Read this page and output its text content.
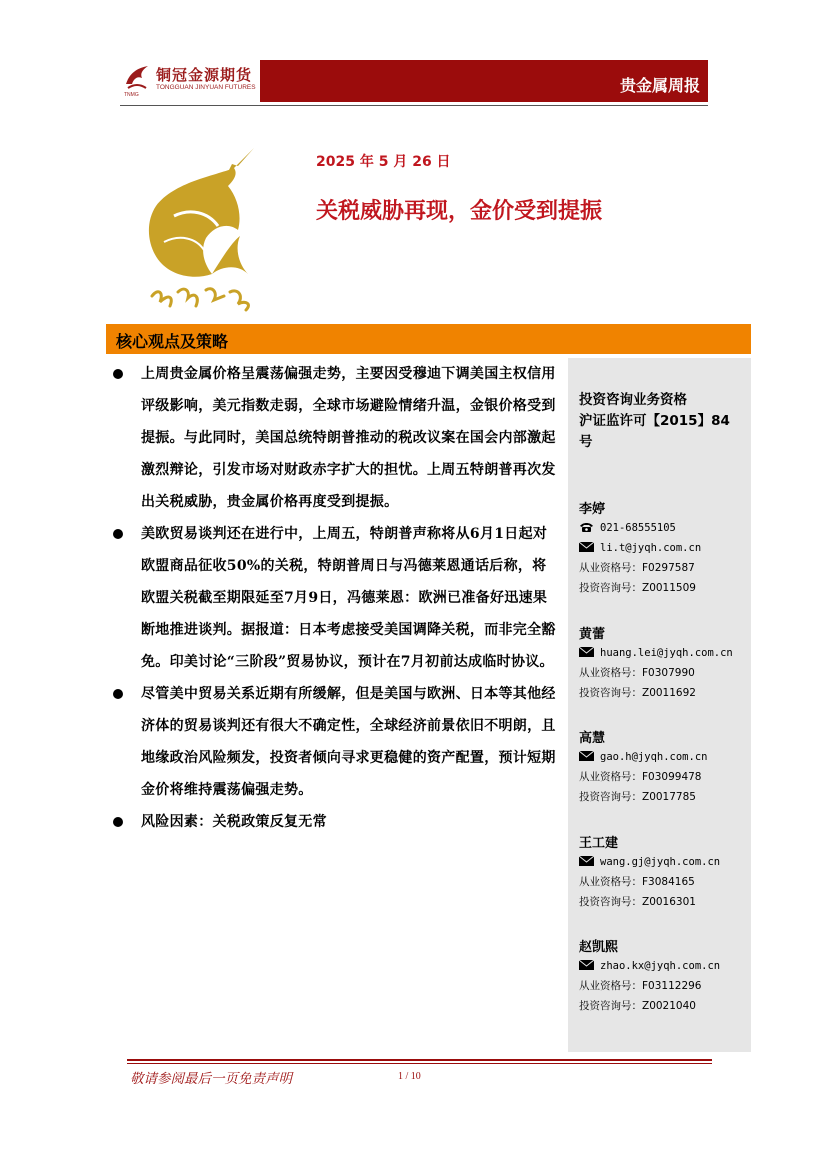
铜冠金源期货
TONGGUAN JINYUAN FUTURES
TNMG	贵金属周报
2025 年 5 月 26 日
关税威胁再现，金价受到提振
核心观点及策略
上周贵金属价格呈震荡偏强走势，主要因受穆迪下调美国主权信用评级影响，美元指数走弱，全球市场避险情绪升温，金银价格受到提振。与此同时，美国总统特朗普推动的税改议案在国会内部激起激烈辩论，引发市场对财政赤字扩大的担忧。上周五特朗普再次发出关税威胁，贵金属价格再度受到提振。
美欧贸易谈判还在进行中，上周五，特朗普声称将从6月1日起对欧盟商品征收50%的关税，特朗普周日与冯德莱恩通话后称，将欧盟关税截至期限延至7月9日，冯德莱恩：欧洲已准备好迅速果断地推进谈判。据报道：日本考虑接受美国调降关税，而非完全豁免。印美讨论“三阶段”贸易协议，预计在7月初前达成临时协议。
尽管美中贸易关系近期有所缓解，但是美国与欧洲、日本等其他经济体的贸易谈判还有很大不确定性，全球经济前景依旧不明朗，且地缘政治风险频发，投资者倾向寻求更稳健的资产配置，预计短期金价将维持震荡偏强走势。
风险因素：关税政策反复无常
投资咨询业务资格
沪证监许可【2015】84
号
李婷
021-68555105
li.t@jyqh.com.cn
从业资格号：F0297587
投资咨询号：Z0011509
黄蕾
huang.lei@jyqh.com.cn
从业资格号：F0307990
投资咨询号：Z0011692
高慧
gao.h@jyqh.com.cn
从业资格号：F03099478
投资咨询号：Z0017785
王工建
wang.gj@jyqh.com.cn
从业资格号：F3084165
投资咨询号：Z0016301
赵凯熙
zhao.kx@jyqh.com.cn
从业资格号：F03112296
投资咨询号：Z0021040
敬请参阅最后一页免责声明	1 / 10
